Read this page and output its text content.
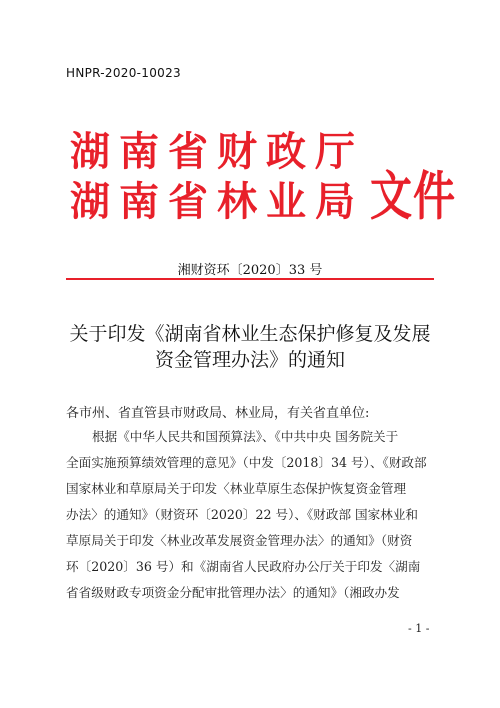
HNPR-2020-10023
湖南省财政厅
湖南省林业局 文件
湘财资环〔2020〕33 号
关于印发《湖南省林业生态保护修复及发展
资金管理办法》的通知
各市州、省直管县市财政局、林业局，有关省直单位:
根据《中华人民共和国预算法》、《中共中央 国务院关于
全面实施预算绩效管理的意见》（中发〔2018〕34 号）、《财政部
国家林业和草原局关于印发〈林业草原生态保护恢复资金管理
办法〉的通知》（财资环〔2020〕22 号）、《财政部 国家林业和
草原局关于印发〈林业改革发展资金管理办法〉的通知》（财资
环〔2020〕36 号）和《湖南省人民政府办公厅关于印发〈湖南
省省级财政专项资金分配审批管理办法〉的通知》（湘政办发
- 1 -
